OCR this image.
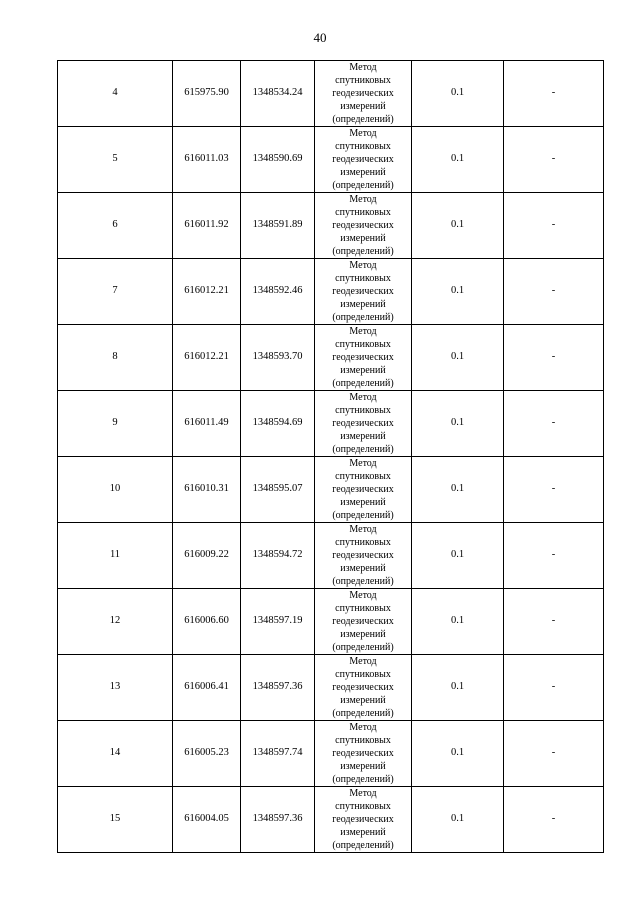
40
4	615975.90	1348534.24	Метод
спутниковых
геодезических
измерений
(определений)	0.1	-
5	616011.03	1348590.69	Метод
спутниковых
геодезических
измерений
(определений)	0.1	-
6	616011.92	1348591.89	Метод
спутниковых
геодезических
измерений
(определений)	0.1	-
7	616012.21	1348592.46	Метод
спутниковых
геодезических
измерений
(определений)	0.1	-
8	616012.21	1348593.70	Метод
спутниковых
геодезических
измерений
(определений)	0.1	-
9	616011.49	1348594.69	Метод
спутниковых
геодезических
измерений
(определений)	0.1	-
10	616010.31	1348595.07	Метод
спутниковых
геодезических
измерений
(определений)	0.1	-
11	616009.22	1348594.72	Метод
спутниковых
геодезических
измерений
(определений)	0.1	-
12	616006.60	1348597.19	Метод
спутниковых
геодезических
измерений
(определений)	0.1	-
13	616006.41	1348597.36	Метод
спутниковых
геодезических
измерений
(определений)	0.1	-
14	616005.23	1348597.74	Метод
спутниковых
геодезических
измерений
(определений)	0.1	-
15	616004.05	1348597.36	Метод
спутниковых
геодезических
измерений
(определений)	0.1	-
